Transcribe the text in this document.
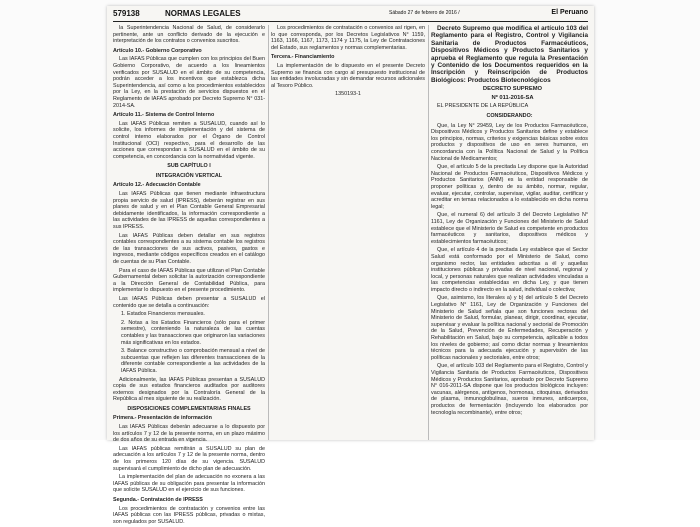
579138	NORMAS LEGALES	Sábado 27 de febrero de 2016 /	El Peruano

la Superintendencia Nacional de Salud, de considerarlo pertinente, ante un conflicto derivado de la ejecución e interpretación de los contratos o convenios suscritos.

Artículo 10.- Gobierno Corporativo

Las IAFAS Públicas que cumplen con los principios del Buen Gobierno Corporativo, de acuerdo a los lineamientos verificados por SUSALUD en el ámbito de su competencia, podrán acceder a los incentivos que establezca dicha Superintendencia, así como a los procedimientos establecidos por la Ley, en la prestación de servicios dispuestos en el Reglamento de IAFAS aprobado por Decreto Supremo N° 031-2014-SA.

Artículo 11.- Sistema de Control Interno

Las IAFAS Públicas remiten a SUSALUD, cuando así lo solicite, los informes de implementación y del sistema de control interno elaborados por el Órgano de Control Institucional (OCI) respectivo, para el desarrollo de las acciones que correspondan a SUSALUD en el ámbito de su competencia, en concordancia con la normatividad vigente.

SUB CAPÍTULO I

INTEGRACIÓN VERTICAL

Artículo 12.- Adecuación Contable

Las IAFAS Públicas que tienen mediante infraestructura propia servicio de salud (IPRESS), deberán registrar en sus planes de salud y en el Plan Contable General Empresarial debidamente identificados, la información correspondiente a las actividades de las IPRESS de aquellas correspondientes a sus IPRESS.

Las IAFAS Públicas deben detallar en sus registros contables correspondientes a su sistema contable los registros de las transacciones de sus activos, pasivos, gastos e ingresos, mediante códigos específicos creados en el catálogo de cuentas de su Plan Contable.

Para el caso de IAFAS Públicas que utilizan el Plan Contable Gubernamental deben solicitar la autorización correspondiente a la Dirección General de Contabilidad Pública, para implementar lo dispuesto en el presente procedimiento.

Las IAFAS Públicas deben presentar a SUSALUD el contenido que se detalla a continuación:

1. Estados Financieros mensuales.

2. Notas a los Estados Financieros (sólo para el primer semestre), conteniendo la naturaleza de las cuentas contables y las transacciones que originaron las variaciones más significativas en los estados.

3. Balance constructivo o comprobación mensual a nivel de subcuentas que reflejen las diferentes transacciones de la diferente contable correspondiente a las actividades de la IAFAS Pública.

Adicionalmente, las IAFAS Públicas presentan a SUSALUD copia de sus estados financieros auditados por auditores externos designados por la Contraloría General de la República al mes siguiente de su realización.

DISPOSICIONES COMPLEMENTARIAS FINALES

Primera.- Presentación de información

Las IAFAS Públicas deberán adecuarse a lo dispuesto por los artículos 7 y 12 de la presente norma, en un plazo máximo de dos años de su entrada en vigencia.

Las IAFAS públicas remitirán a SUSALUD su plan de adecuación a los artículos 7 y 12 de la presente norma, dentro de los primeros 120 días de su vigencia. SUSALUD supervisará el cumplimiento de dicho plan de adecuación.

La implementación del plan de adecuación no exonera a las IAFAS públicas de su obligación para presentar la información que solicite SUSALUD en el ejercicio de sus funciones.

Segunda.- Contratación de IPRESS

Los procedimientos de contratación y convenios entre las IAFAS públicas con las IPRESS públicas, privadas o mixtas, son regulados por SUSALUD.

Los procedimientos de contratación o convenios así rigen, en lo que corresponda, por los Decretos Legislativos N° 1159, 1163, 1166, 1167, 1173, 1174 y 1175, la Ley de Contrataciones del Estado, sus reglamentos y normas complementarias.

Tercera.- Financiamiento

La implementación de lo dispuesto en el presente Decreto Supremo se financia con cargo al presupuesto institucional de las entidades involucradas y sin demandar recursos adicionales al Tesoro Público.

1350193-1

Decreto Supremo que modifica el artículo 103 del Reglamento para el Registro, Control y Vigilancia Sanitaria de Productos Farmacéuticos, Dispositivos Médicos y Productos Sanitarios y aprueba el Reglamento que regula la Presentación y Contenido de los Documentos requeridos en la Inscripción y Reinscripción de Productos Biológicos: Productos Biotecnológicos

DECRETO SUPREMO

Nº 011-2016-SA

EL PRESIDENTE DE LA REPÚBLICA

CONSIDERANDO:

Que, la Ley N° 29459, Ley de los Productos Farmacéuticos, Dispositivos Médicos y Productos Sanitarios define y establece los principios, normas, criterios y exigencias básicas sobre estos productos y dispositivos de uso en seres humanos, en concordancia con la Política Nacional de Salud y la Política Nacional de Medicamentos;

Que, el artículo 5 de la precitada Ley dispone que la Autoridad Nacional de Productos Farmacéuticos, Dispositivos Médicos y Productos Sanitarios (ANM) es la entidad responsable de proponer políticas y, dentro de su ámbito, normar, regular, evaluar, ejecutar, controlar, supervisar, vigilar, auditar, certificar y acreditar en temas relacionados a lo establecido en dicha norma legal;

Que, el numeral 6) del artículo 3 del Decreto Legislativo N° 1161, Ley de Organización y Funciones del Ministerio de Salud establece que el Ministerio de Salud es competente en productos farmacéuticos y sanitarios, dispositivos médicos y establecimientos farmacéuticos;

Que, el artículo 4 de la precitada Ley establece que el Sector Salud está conformado por el Ministerio de Salud, como organismo rector, las entidades adscritas a él y aquellas instituciones públicas y privadas de nivel nacional, regional y local, y personas naturales que realizan actividades vinculadas a las competencias establecidas en dicha Ley, y que tienen impacto directo o indirecto en la salud, individual o colectiva;

Que, asimismo, los literales a) y b) del artículo 5 del Decreto Legislativo N° 1161, Ley de Organización y Funciones del Ministerio de Salud señala que son funciones rectoras del Ministerio de Salud, formular, planear, dirigir, coordinar, ejecutar, supervisar y evaluar la política nacional y sectorial de Promoción de la Salud, Prevención de Enfermedades, Recuperación y Rehabilitación en Salud, bajo su competencia, aplicable a todos los niveles de gobierno; así como dictar normas y lineamientos técnicos para la adecuada ejecución y supervisión de las políticas nacionales y sectoriales, entre otros;

Que, el artículo 103 del Reglamento para el Registro, Control y Vigilancia Sanitaria de Productos Farmacéuticos, Dispositivos Médicos y Productos Sanitarios, aprobado por Decreto Supremo N° 016-2011-SA dispone que los productos biológicos incluyen: vacunas, alérgenos, antígenos, hormonas, citoquinas, derivados de plasma, inmunoglobulinas, sueros inmunes, anticuerpos, productos de fermentación (incluyendo los elaborados por tecnología recombinante), entre otros;
